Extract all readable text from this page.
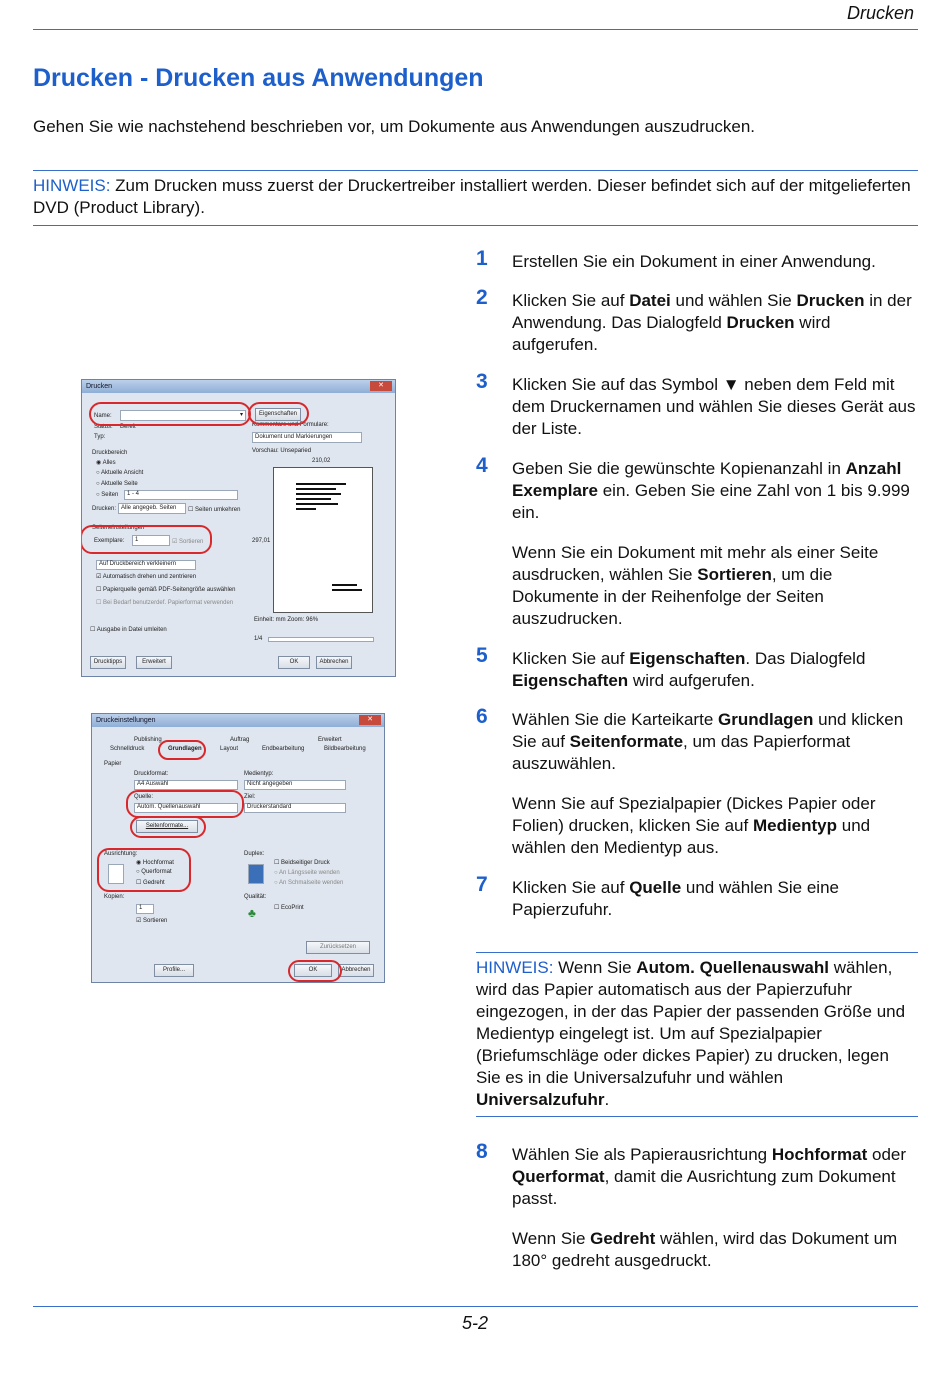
Drucken
Drucken - Drucken aus Anwendungen
Gehen Sie wie nachstehend beschrieben vor, um Dokumente aus Anwendungen auszudrucken.
HINWEIS: Zum Drucken muss zuerst der Druckertreiber installiert werden. Dieser befindet sich auf der mitgelieferten DVD (Product Library).
1 Erstellen Sie ein Dokument in einer Anwendung.
2 Klicken Sie auf Datei und wählen Sie Drucken in der Anwendung. Das Dialogfeld Drucken wird aufgerufen.
3 Klicken Sie auf das Symbol ▼ neben dem Feld mit dem Druckernamen und wählen Sie dieses Gerät aus der Liste.
4 Geben Sie die gewünschte Kopienanzahl in Anzahl Exemplare ein. Geben Sie eine Zahl von 1 bis 9.999 ein.
Wenn Sie ein Dokument mit mehr als einer Seite ausdrucken, wählen Sie Sortieren, um die Dokumente in der Reihenfolge der Seiten auszudrucken.
5 Klicken Sie auf Eigenschaften. Das Dialogfeld Eigenschaften wird aufgerufen.
6 Wählen Sie die Karteikarte Grundlagen und klicken Sie auf Seitenformate, um das Papierformat auszuwählen.
Wenn Sie auf Spezialpapier (Dickes Papier oder Folien) drucken, klicken Sie auf Medientyp und wählen den Medientyp aus.
7 Klicken Sie auf Quelle und wählen Sie eine Papierzufuhr.
HINWEIS: Wenn Sie Autom. Quellenauswahl wählen, wird das Papier automatisch aus der Papierzufuhr eingezogen, in der das Papier der passenden Größe und Medientyp eingelegt ist. Um auf Spezialpapier (Briefumschläge oder dickes Papier) zu drucken, legen Sie es in die Universalzufuhr und wählen Universalzufuhr.
8 Wählen Sie als Papierausrichtung Hochformat oder Querformat, damit die Ausrichtung zum Dokument passt.
Wenn Sie Gedreht wählen, wird das Dokument um 180° gedreht ausgedruckt.
5-2
Drucken	✕
Name:	▾	Eigenschaften
Status: Bereit
Typ:
Kommentare und Formulare:
Dokument und Markierungen
Druckbereich
◉ Alles
○ Aktuelle Ansicht
○ Aktuelle Seite
○ Seiten 1 - 4
Drucken: Alle angegeb. Seiten ☐ Seiten umkehren
Seiteneinstellungen
Exemplare: 1	☑ Sortieren
Auf Druckbereich verkleinern
☑ Automatisch drehen und zentrieren
☐ Papierquelle gemäß PDF-Seitengröße auswählen
☐ Bei Bedarf benutzerdef. Papierformat verwenden
☐ Ausgabe in Datei umleiten
Vorschau: Unseparied
210,02
297,01
Einheit: mm Zoom: 96%
1/4
Drucktipps	Erweitert	OK	Abbrechen
Druckeinstellungen	✕
Publishing	Auftrag	Erweitert
Schnelldruck	Grundlagen	Layout	Endbearbeitung	Bildbearbeitung
Papier
Druckformat:
A4 Auswahl
Medientyp:
Nicht angegeben
Quelle:
Autom. Quellenauswahl
Ziel:
Druckerstandard
Seitenformate...
Ausrichtung:
◉ Hochformat
○ Querformat
☐ Gedreht
Duplex:
☐ Beidseitiger Druck
○ An Längsseite wenden
○ An Schmalseite wenden
Kopien:
1
☑ Sortieren
Qualität:
♣	☐ EcoPrint
Zurücksetzen
Profile...	OK	Abbrechen
